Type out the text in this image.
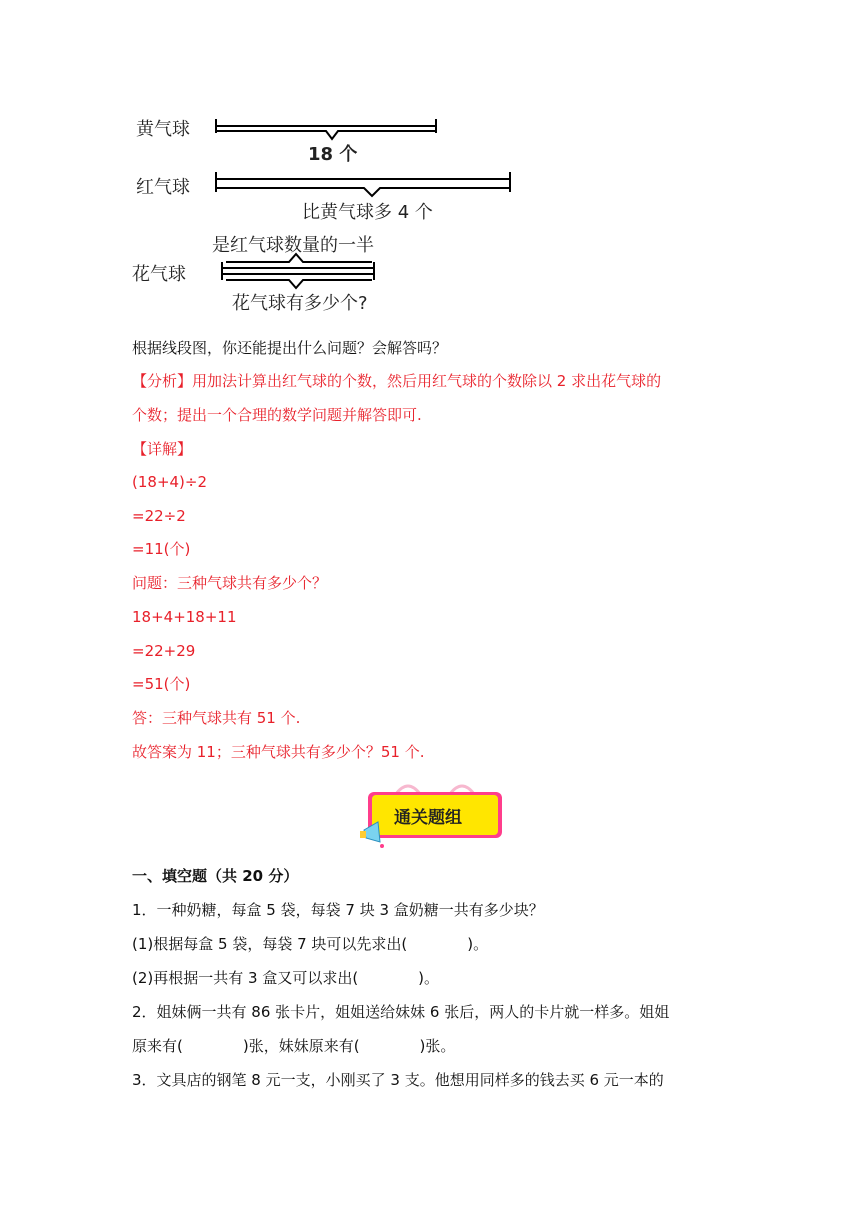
黄气球
红气球
是红气球数量的一半
花气球
18 个
比黄气球多 4 个
花气球有多少个?
根据线段图，你还能提出什么问题？会解答吗？
【分析】用加法计算出红气球的个数，然后用红气球的个数除以 2 求出花气球的
个数；提出一个合理的数学问题并解答即可.
【详解】
(18+4)÷2
=22÷2
=11(个)
问题：三种气球共有多少个？
18+4+18+11
=22+29
=51(个)
答：三种气球共有 51 个.
故答案为 11；三种气球共有多少个？51 个.
通关题组
一、填空题（共 20 分）
1．一种奶糖，每盒 5 袋，每袋 7 块 3 盒奶糖一共有多少块？
(1)根据每盒 5 袋，每袋 7 块可以先求出(　　　　)。
(2)再根据一共有 3 盒又可以求出(　　　　)。
2．姐妹俩一共有 86 张卡片，姐姐送给妹妹 6 张后，两人的卡片就一样多。姐姐
原来有(　　　　)张，妹妹原来有(　　　　)张。
3．文具店的钢笔 8 元一支，小刚买了 3 支。他想用同样多的钱去买 6 元一本的
